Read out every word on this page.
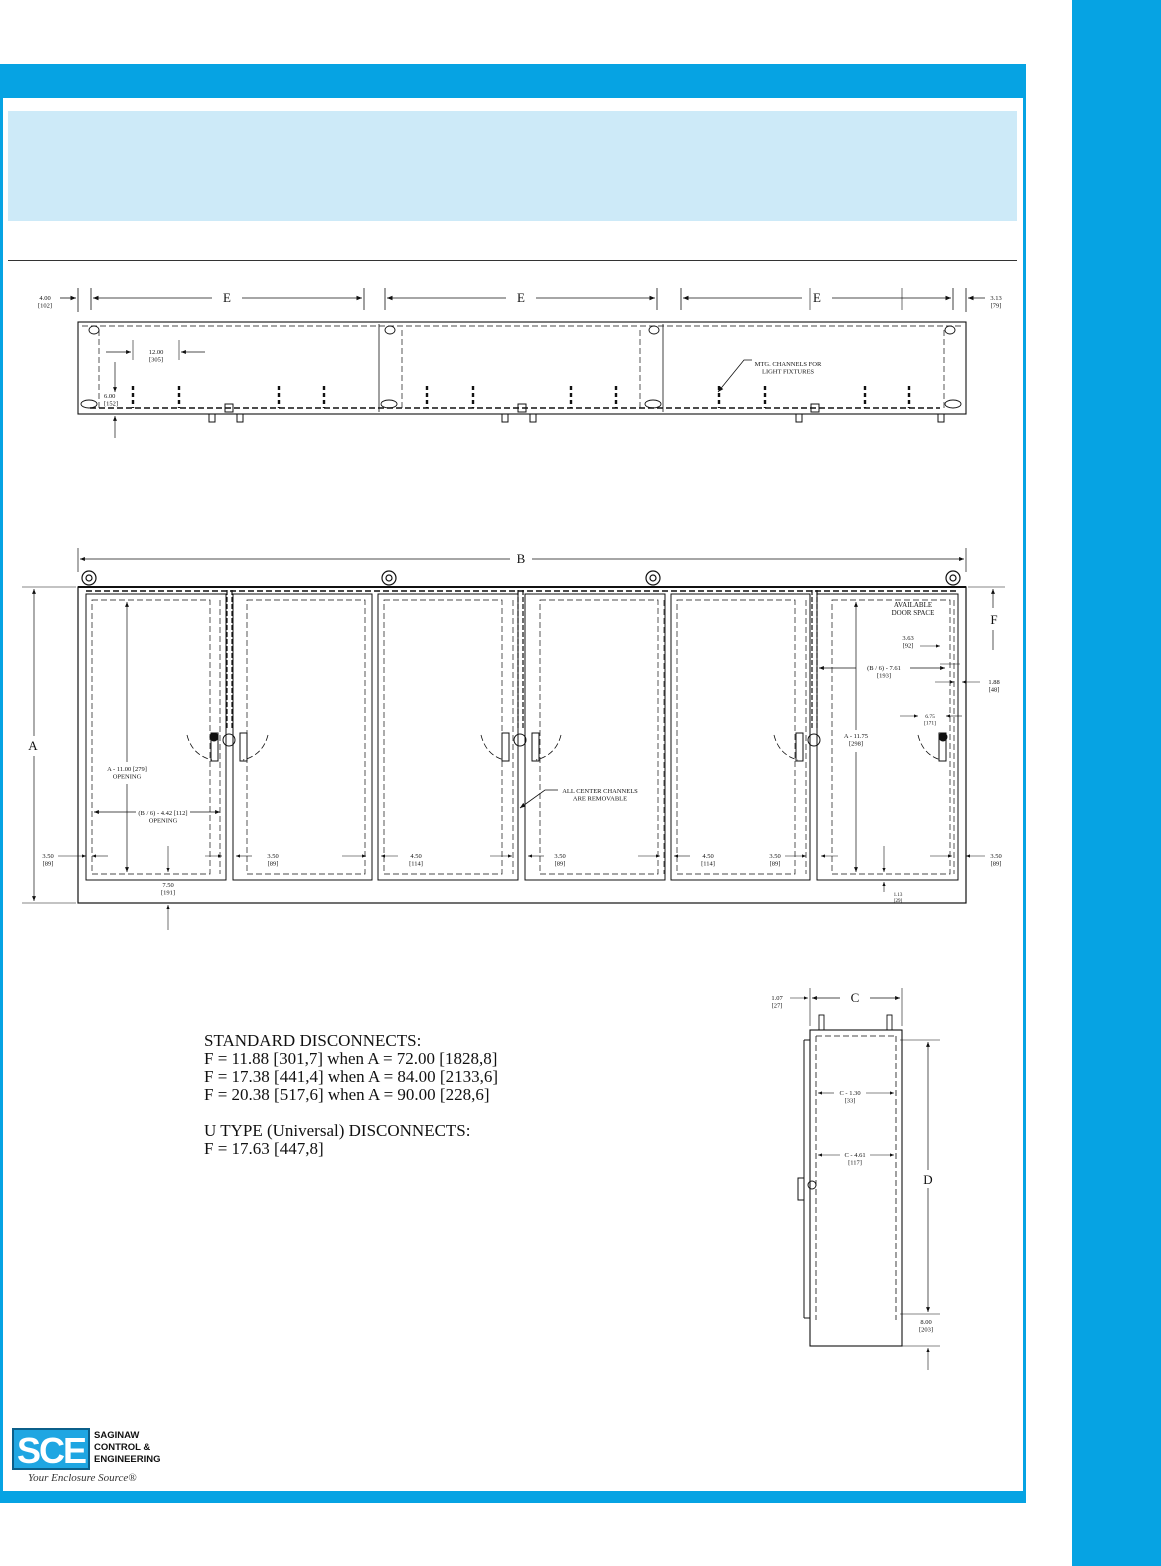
E	E	E
4.00 [102]
3.13 [79]
12.00 [305]
6.00 [152]
MTG. CHANNELS FOR LIGHT FIXTURES
B
A
F
AVAILABLE DOOR SPACE
3.63 [92]
(B / 6) - 7.61 [193]
1.88 [48]
6.75 [171]
A - 11.75 [298]
A - 11.00 [279] OPENING
(B / 6) - 4.42 [112] OPENING
ALL CENTER CHANNELS ARE REMOVABLE
3.50 [89]
3.50 [89]
7.50 [191]	1.13 [29]
3.50 [89]
4.50 [114]
3.50 [89]
4.50 [114]
3.50 [89]
C
D
1.07 [27]
C - 1.30 [33]
C - 4.61 [117]
8.00 [203]
STANDARD DISCONNECTS:
F = 11.88 [301,7] when A = 72.00 [1828,8]
F = 17.38 [441,4] when A = 84.00 [2133,6]
F = 20.38 [517,6] when A = 90.00 [228,6]
U TYPE (Universal) DISCONNECTS:
F = 17.63 [447,8]
SCE SAGINAW
CONTROL &
ENGINEERING
Your Enclosure Source®
